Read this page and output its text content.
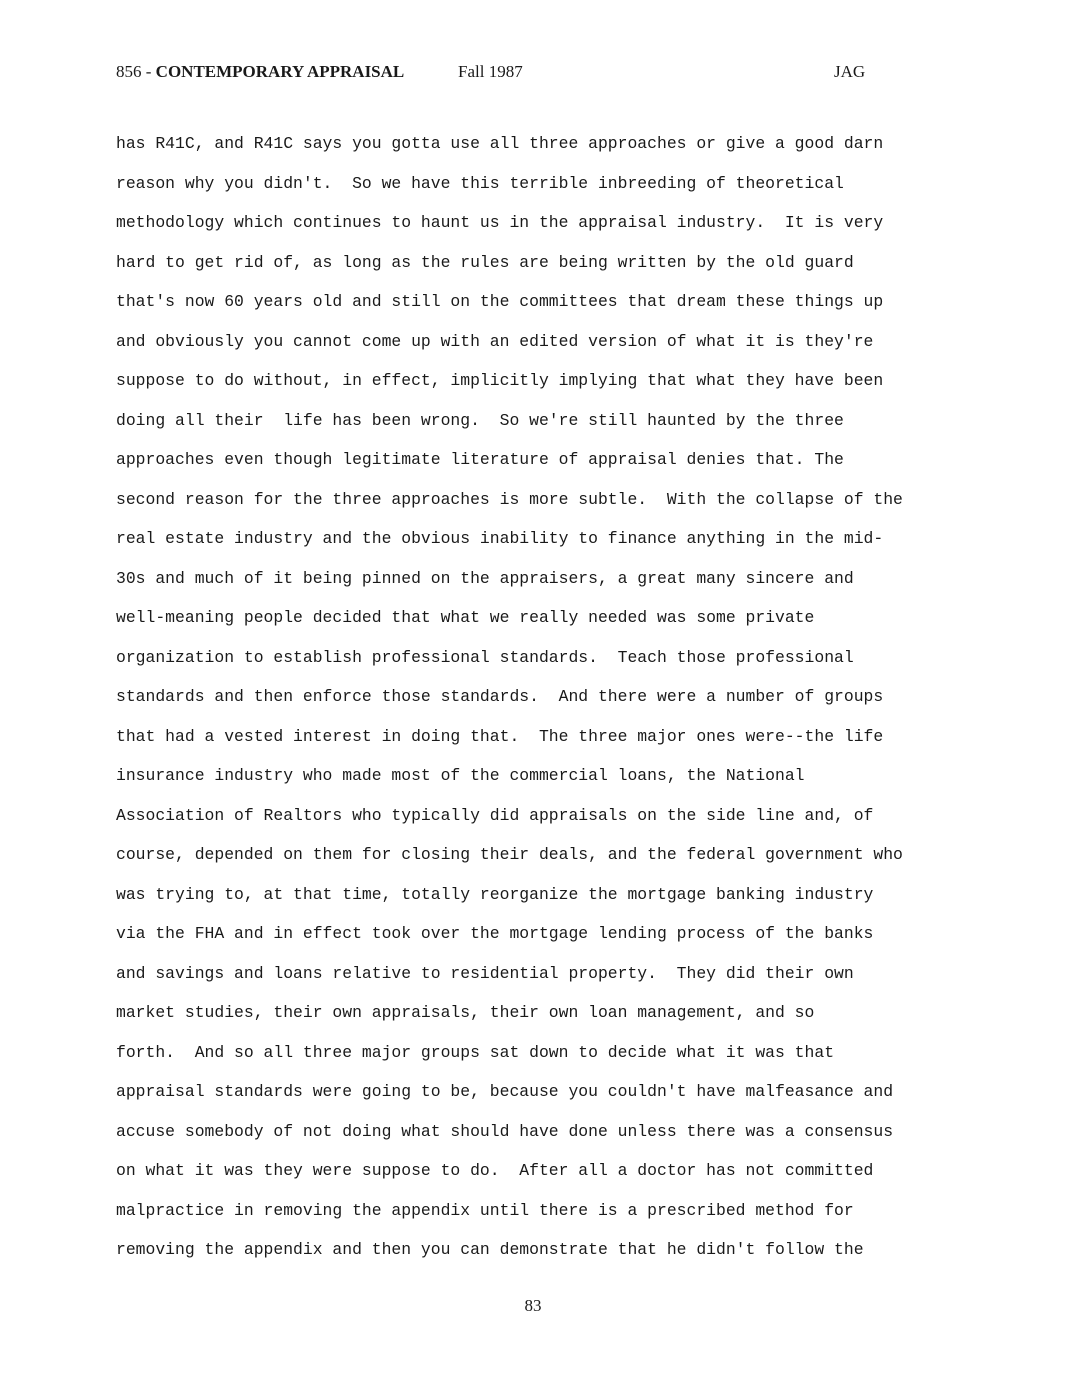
856 - CONTEMPORARY APPRAISAL	Fall 1987	JAG
has R41C, and R41C says you gotta use all three approaches or give a good darn
reason why you didn't.  So we have this terrible inbreeding of theoretical
methodology which continues to haunt us in the appraisal industry.  It is very
hard to get rid of, as long as the rules are being written by the old guard
that's now 60 years old and still on the committees that dream these things up
and obviously you cannot come up with an edited version of what it is they're
suppose to do without, in effect, implicitly implying that what they have been
doing all their  life has been wrong.  So we're still haunted by the three
approaches even though legitimate literature of appraisal denies that. The
second reason for the three approaches is more subtle.  With the collapse of the
real estate industry and the obvious inability to finance anything in the mid-
30s and much of it being pinned on the appraisers, a great many sincere and
well-meaning people decided that what we really needed was some private
organization to establish professional standards.  Teach those professional
standards and then enforce those standards.  And there were a number of groups
that had a vested interest in doing that.  The three major ones were--the life
insurance industry who made most of the commercial loans, the National
Association of Realtors who typically did appraisals on the side line and, of
course, depended on them for closing their deals, and the federal government who
was trying to, at that time, totally reorganize the mortgage banking industry
via the FHA and in effect took over the mortgage lending process of the banks
and savings and loans relative to residential property.  They did their own
market studies, their own appraisals, their own loan management, and so
forth.  And so all three major groups sat down to decide what it was that
appraisal standards were going to be, because you couldn't have malfeasance and
accuse somebody of not doing what should have done unless there was a consensus
on what it was they were suppose to do.  After all a doctor has not committed
malpractice in removing the appendix until there is a prescribed method for
removing the appendix and then you can demonstrate that he didn't follow the
83
